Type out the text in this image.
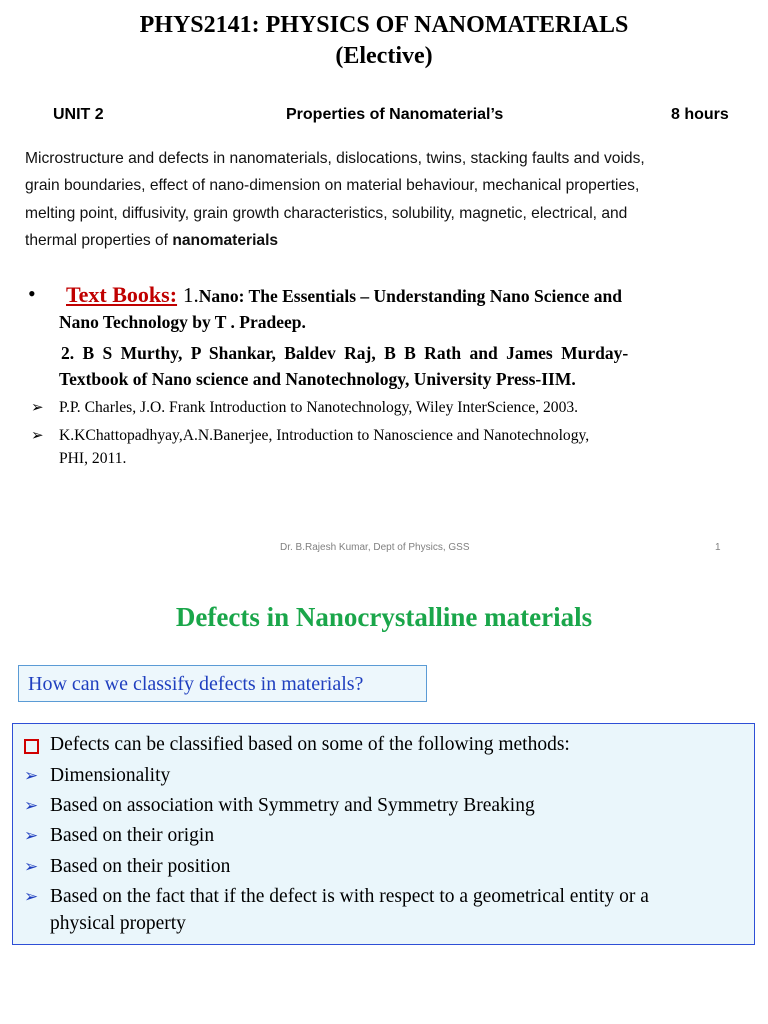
PHYS2141: PHYSICS OF NANOMATERIALS
(Elective)
UNIT 2	Properties of Nanomaterial’s	8 hours
Microstructure and defects in nanomaterials, dislocations, twins, stacking faults and voids,
grain boundaries, effect of nano-dimension on material behaviour, mechanical properties,
melting point, diffusivity, grain growth characteristics, solubility, magnetic, electrical, and
thermal properties of nanomaterials
• Text Books: 1.Nano: The Essentials – Understanding Nano Science and
Nano Technology by T . Pradeep.
2. B S Murthy, P Shankar, Baldev Raj, B B Rath and James Murday-
Textbook of Nano science and Nanotechnology, University Press-IIM.
➢ P.P. Charles, J.O. Frank Introduction to Nanotechnology, Wiley InterScience, 2003.
➢ K.KChattopadhyay,A.N.Banerjee, Introduction to Nanoscience and Nanotechnology,
PHI, 2011.
Dr. B.Rajesh Kumar, Dept of Physics, GSS	1
Defects in Nanocrystalline materials
How can we classify defects in materials?
Defects can be classified based on some of the following methods:
➢ Dimensionality
➢ Based on association with Symmetry and Symmetry Breaking
➢ Based on their origin
➢ Based on their position
➢ Based on the fact that if the defect is with respect to a geometrical entity or a
physical property
